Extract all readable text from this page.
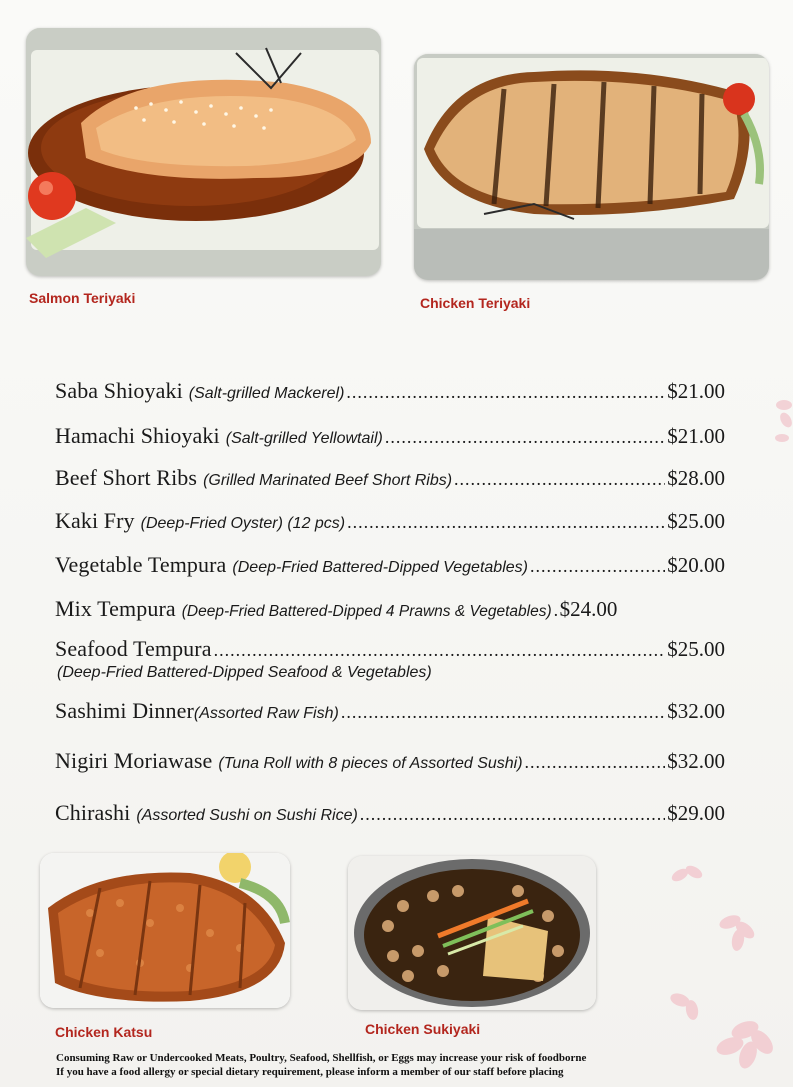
Salmon Teriyaki	Chicken Teriyaki
Saba Shioyaki (Salt-grilled Mackerel) .....	$21.00
Hamachi Shioyaki (Salt-grilled Yellowtail) .....	$21.00
Beef Short Ribs (Grilled Marinated Beef Short Ribs) .....	$28.00
Kaki Fry (Deep-Fried Oyster) (12 pcs) .....	$25.00
Vegetable Tempura (Deep-Fried Battered-Dipped Vegetables) .....	$20.00
Mix Tempura (Deep-Fried Battered-Dipped 4 Prawns & Vegetables) ..... $24.00
Seafood Tempura .....	$25.00
(Deep-Fried Battered-Dipped Seafood & Vegetables)
Sashimi Dinner (Assorted Raw Fish) .....	$32.00
Nigiri Moriawase (Tuna Roll with 8 pieces of Assorted Sushi) .....	$32.00
Chirashi (Assorted Sushi on Sushi Rice) .....	$29.00
Chicken Katsu	Chicken Sukiyaki
Consuming Raw or Undercooked Meats, Poultry, Seafood, Shellfish, or Eggs may increase your risk of foodborne
If you have a food allergy or special dietary requirement, please inform a member of our staff before placing
